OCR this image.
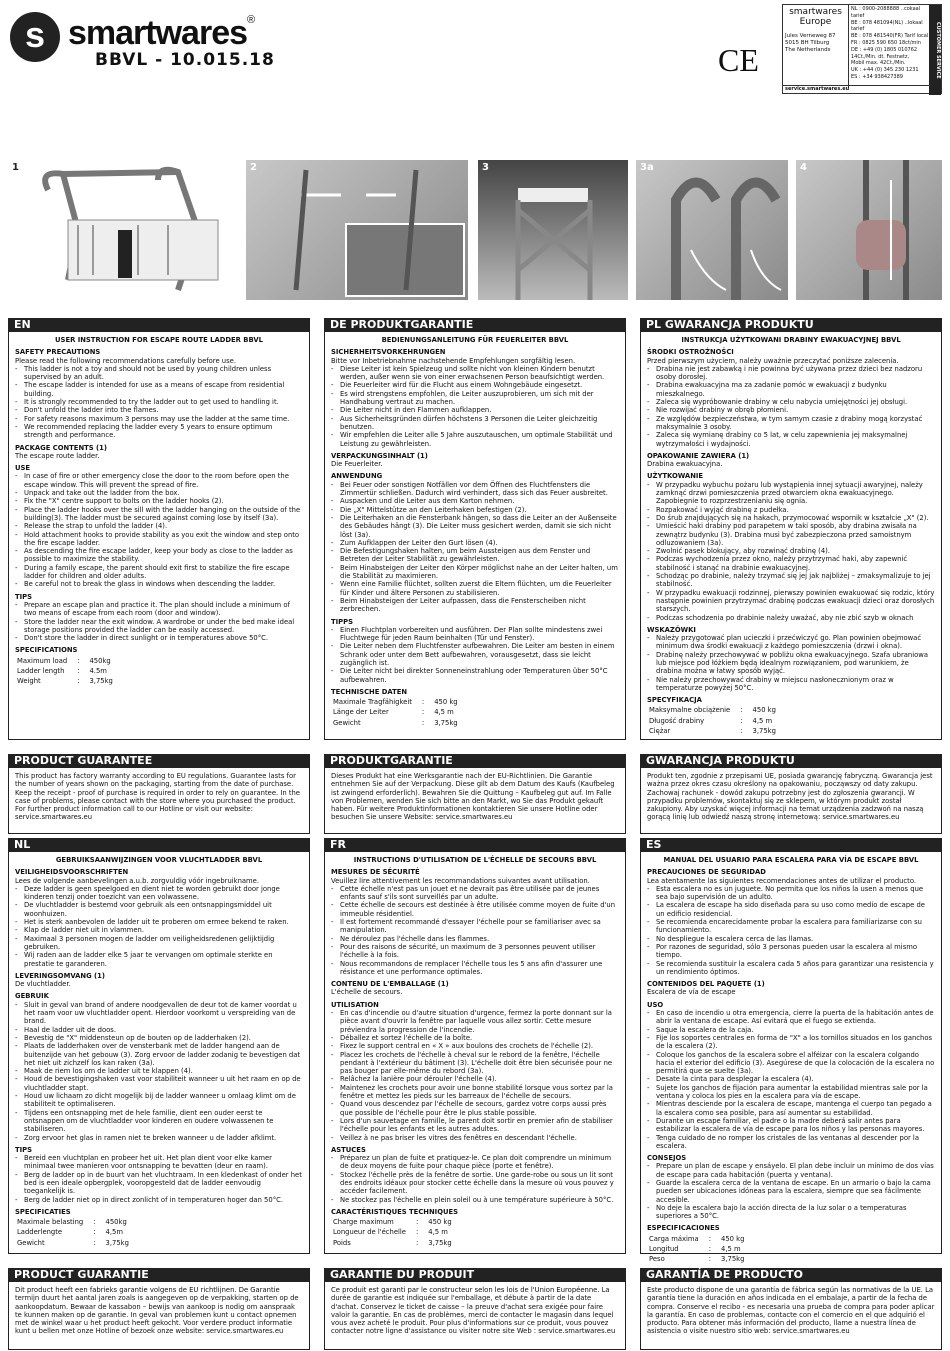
s smartwares®
BBVL - 10.015.18	CE
smartwares
Europe
Jules Verneweg 87
5015 BH Tilburg
The Netherlands
NL : 0900-2088888 ..cokaal tarief
BE : 078 481094(NL) ..lokaal tarief
BE : 078 481540(FR) Tarif local
FR : 0825 590 650 18ct/min
DE : +49 (0) 1805 010762
14Ct./Min. dt. Festnetz,
Mobil max. 42Ct./Min.
UK : +44 (0) 345 230 1231
ES : +34 938427389	CUSTOMER SERVICE
service.smartwares.eu
1	2	3	3a	4
EN
USER INSTRUCTION FOR ESCAPE ROUTE LADDER BBVL
SAFETY PRECAUTIONS
Please read the following recommendations carefully before use.
- This ladder is not a toy and should not be used by young children unless supervised by an adult.
- The escape ladder is intended for use as a means of escape from residential building.
- It is strongly recommended to try the ladder out to get used to handling it.
- Don't unfold the ladder into the flames.
- For safety reasons maximum 3 persons may use the ladder at the same time.
- We recommended replacing the ladder every 5 years to ensure optimum strength and performance.
PACKAGE CONTENTS (1)
The escape route ladder.
USE
- In case of fire or other emergency close the door to the room before open the escape window. This will prevent the spread of fire.
- Unpack and take out the ladder from the box.
- Fix the "X" centre support to bolts on the ladder hooks (2).
- Place the ladder hooks over the sill with the ladder hanging on the outside of the building(3). The ladder must be secured against coming lose by itself (3a).
- Release the strap to unfold the ladder (4).
- Hold attachment hooks to provide stability as you exit the window and step onto the fire escape ladder.
- As descending the fire escape ladder, keep your body as close to the ladder as possible to maximize the stability.
- During a family escape, the parent should exit first to stabilize the fire escape ladder for children and older adults.
- Be careful not to break the glass in windows when descending the ladder.
TIPS
- Prepare an escape plan and practice it. The plan should include a minimum of two means of escape from each room (door and window).
- Store the ladder near the exit window. A wardrobe or under the bed make ideal storage positions provided the ladder can be easily accessed.
- Don't store the ladder in direct sunlight or in temperatures above 50°C.
SPECIFICATIONS
Maximum load	:	450kg
Ladder length	:	4.5m
Weight	:	3,75kg
PRODUCT GUARANTEE
This product has factory warranty according to EU regulations. Guarantee lasts for the number of years shown on the packaging, starting from the date of purchase. Keep the receipt - proof of purchase is required in order to rely on guarantee. In the case of problems, please contact with the store where you purchased the product. For further product information call to our Hotline or visit our website: service.smartwares.eu
DE PRODUKTGARANTIE
BEDIENUNGSANLEITUNG FÜR FEUERLEITER BBVL
SICHERHEITSVORKEHRUNGEN
Bitte vor Inbetriebnahme nachstehende Empfehlungen sorgfältig lesen.
- Diese Leiter ist kein Spielzeug und sollte nicht von kleinen Kindern benutzt werden, außer wenn sie von einer erwachsenen Person beaufsichtigt werden.
- Die Feuerleiter wird für die Flucht aus einem Wohngebäude eingesetzt.
- Es wird strengstens empfohlen, die Leiter auszuprobieren, um sich mit der Handhabung vertraut zu machen.
- Die Leiter nicht in den Flammen aufklappen.
- Aus Sicherheitsgründen dürfen höchstens 3 Personen die Leiter gleichzeitig benutzen.
- Wir empfehlen die Leiter alle 5 Jahre auszutauschen, um optimale Stabilität und Leistung zu gewährleisten.
VERPACKUNGSINHALT (1)
Die Feuerleiter.
ANWENDUNG
- Bei Feuer oder sonstigen Notfällen vor dem Öffnen des Fluchtfensters die Zimmertür schließen. Dadurch wird verhindert, dass sich das Feuer ausbreitet.
- Auspacken und die Leiter aus dem Karton nehmen.
- Die „X" Mittelstütze an den Leiterhaken befestigen (2).
- Die Leiterhaken an die Fensterbank hängen, so dass die Leiter an der Außenseite des Gebäudes hängt (3). Die Leiter muss gesichert werden, damit sie sich nicht löst (3a).
- Zum Aufklappen der Leiter den Gurt lösen (4).
- Die Befestigungshaken halten, um beim Aussteigen aus dem Fenster und Betreten der Leiter Stabilität zu gewährleisten.
- Beim Hinabsteigen der Leiter den Körper möglichst nahe an der Leiter halten, um die Stabilität zu maximieren.
- Wenn eine Familie flüchtet, sollten zuerst die Eltern flüchten, um die Feuerleiter für Kinder und ältere Personen zu stabilisieren.
- Beim Hinabsteigen der Leiter aufpassen, dass die Fensterscheiben nicht zerbrechen.
TIPPS
- Einen Fluchtplan vorbereiten und ausführen. Der Plan sollte mindestens zwei Fluchtwege für jeden Raum beinhalten (Tür und Fenster).
- Die Leiter neben dem Fluchtfenster aufbewahren. Die Leiter am besten in einem Schrank oder unter dem Bett aufbewahren, vorausgesetzt, dass sie leicht zugänglich ist.
- Die Leiter nicht bei direkter Sonneneinstrahlung oder Temperaturen über 50°C aufbewahren.
TECHNISCHE DATEN
Maximale Tragfähigkeit	:	450 kg
Länge der Leiter	:	4,5 m
Gewicht	:	3,75kg
PRODUKTGARANTIE
Dieses Produkt hat eine Werksgarantie nach der EU-Richtlinien. Die Garantie entnehmen Sie auf der Verpackung. Diese gilt ab dem Datum des Kaufs (Kaufbeleg ist zwingend erforderlich). Bewahren Sie die Quittung – Kaufbeleg gut auf. Im Falle von Problemen, wenden Sie sich bitte an den Markt, wo Sie das Produkt gekauft haben. Für weitere Produktinformationen kontaktieren Sie unsere Hotline oder besuchen Sie unsere Website: service.smartwares.eu
PL GWARANCJA PRODUKTU
INSTRUKCJA UŻYTKOWANI DRABINY EWAKUACYJNEJ BBVL
ŚRODKI OSTROŻNOŚCI
Przed pierwszym użyciem, należy uważnie przeczytać poniższe zalecenia.
- Drabina nie jest zabawką i nie powinna być używana przez dzieci bez nadzoru osoby dorosłej.
- Drabina ewakuacyjna ma za zadanie pomóc w ewakuacji z budynku mieszkalnego.
- Zaleca się wypróbowanie drabiny w celu nabycia umiejętności jej obsługi.
- Nie rozwijać drabiny w obręb płomieni.
- Ze względów bezpieczeństwa, w tym samym czasie z drabiny mogą korzystać maksymalnie 3 osoby.
- Zaleca się wymianę drabiny co 5 lat, w celu zapewnienia jej maksymalnej wytrzymałości i wydajności.
OPAKOWANIE ZAWIERA (1)
Drabina ewakuacyjna.
UŻYTKOWANIE
- W przypadku wybuchu pożaru lub wystąpienia innej sytuacji awaryjnej, należy zamknąć drzwi pomieszczenia przed otwarciem okna ewakuacyjnego. Zapobiegnie to rozprzestrzenianiu się ognia.
- Rozpakować i wyjąć drabinę z pudełka.
- Do śrub znajdujących się na hakach, przymocować wspornik w kształcie „X" (2).
- Umieścić haki drabiny pod parapetem w taki sposób, aby drabina zwisała na zewnątrz budynku (3). Drabina musi być zabezpieczona przed samoistnym odluzowaniem (3a).
- Zwolnić pasek blokujący, aby rozwinąć drabinę (4).
- Podczas wychodzenia przez okno, należy przytrzymać haki, aby zapewnić stabilność i stanąć na drabinie ewakuacyjnej.
- Schodząc po drabinie, należy trzymać się jej jak najbliżej – zmaksymalizuje to jej stabilność.
- W przypadku ewakuacji rodzinnej, pierwszy powinien ewakuować się rodzic, który następnie powinien przytrzymać drabinę podczas ewakuacji dzieci oraz dorosłych starszych.
- Podczas schodzenia po drabinie należy uważać, aby nie zbić szyb w oknach
WSKAZÓWKI
- Należy przygotować plan ucieczki i przećwiczyć go. Plan powinien obejmować minimum dwa środki ewakuacji z każdego pomieszczenia (drzwi i okna).
- Drabinę należy przechowywać w pobliżu okna ewakuacyjnego. Szafa ubraniowa lub miejsce pod łóżkiem będą idealnym rozwiązaniem, pod warunkiem, że drabina można w łatwy sposób wyjąć.
- Nie należy przechowywać drabiny w miejscu nasłonecznionym oraz w temperaturze powyżej 50°C.
SPECYFIKACJA
Maksymalne obciążenie	:	450 kg
Długość drabiny	:	4,5 m
Ciężar	:	3,75kg
GWARANCJA PRODUKTU
Produkt ten, zgodnie z przepisami UE, posiada gwarancję fabryczną. Gwarancja jest ważna przez okres czasu określony na opakowaniu, począwszy od daty zakupu. Zachowaj rachunek - dowód zakupu potrzebny jest do zgłoszenia gwarancji. W przypadku problemów, skontaktuj się ze sklepem, w którym produkt został zakupiony. Aby uzyskać więcej informacji na temat urządzenia zadzwoń na naszą gorącą linię lub odwiedź naszą stronę internetową: service.smartwares.eu
NL
GEBRUIKSAANWIJZINGEN VOOR VLUCHTLADDER BBVL
VEILIGHEIDSVOORSCHRIFTEN
Lees de volgende aanbevelingen a.u.b. zorgvuldig vóór ingebruikname.
- Deze ladder is geen speelgoed en dient niet te worden gebruikt door jonge kinderen tenzij onder toezicht van een volwassene.
- De vluchtladder is bestemd voor gebruik als een ontsnappingsmiddel uit woonhuizen.
- Het is sterk aanbevolen de ladder uit te proberen om ermee bekend te raken.
- Klap de ladder niet uit in vlammen.
- Maximaal 3 personen mogen de ladder om veiligheidsredenen gelijktijdig gebruiken.
- Wij raden aan de ladder elke 5 jaar te vervangen om optimale sterkte en prestatie te garanderen.
LEVERINGSOMVANG (1)
De vluchtladder.
GEBRUIK
- Sluit in geval van brand of andere noodgevallen de deur tot de kamer voordat u het raam voor uw vluchtladder opent. Hierdoor voorkomt u verspreiding van de brand.
- Haal de ladder uit de doos.
- Bevestig de "X" middensteun op de bouten op de ladderhaken (2).
- Plaats de ladderhaken over de vensterbank met de ladder hangend aan de buitenzijde van het gebouw (3). Zorg ervoor de ladder zodanig te bevestigen dat het niet uit zichzelf los kan raken (3a).
- Maak de riem los om de ladder uit te klappen (4).
- Houd de bevestigingshaken vast voor stabiliteit wanneer u uit het raam en op de vluchtladder stapt.
- Houd uw lichaam zo dicht mogelijk bij de ladder wanneer u omlaag klimt om de stabiliteit te optimaliseren.
- Tijdens een ontsnapping met de hele familie, dient een ouder eerst te ontsnappen om de vluchtladder voor kinderen en oudere volwassenen te stabiliseren.
- Zorg ervoor het glas in ramen niet te breken wanneer u de ladder afklimt.
TIPS
- Bereid een vluchtplan en probeer het uit. Het plan dient voor elke kamer minimaal twee manieren voor ontsnapping te bevatten (deur en raam).
- Berg de ladder op in de buurt van het vluchtraam. In een kledenkast of onder het bed is een ideale opbergplek, vooropgesteld dat de ladder eenvoudig toegankelijk is.
- Berg de ladder niet op in direct zonlicht of in temperaturen hoger dan 50°C.
SPECIFICATIES
Maximale belasting	:	450kg
Ladderlengte	:	4,5m
Gewicht	:	3,75kg
PRODUCT GUARANTIE
Dit product heeft een fabrieks garantie volgens de EU richtlijnen. De Garantie termijn duurt het aantal jaren zoals is aangegeven op de verpakking, starten op de aankoopdatum. Bewaar de kassabon – bewijs van aankoop is nodig om aanspraak te kunnen maken op de garantie. In geval van problemen kunt u contact opnemen met de winkel waar u het product heeft gekocht. Voor verdere product informatie kunt u bellen met onze Hotline of bezoek onze website: service.smartwares.eu
FR
INSTRUCTIONS D'UTILISATION DE L'ÉCHELLE DE SECOURS BBVL
MESURES DE SÉCURITÉ
Veuillez lire attentivement les recommandations suivantes avant utilisation.
- Cette échelle n'est pas un jouet et ne devrait pas être utilisée par de jeunes enfants sauf s'ils sont surveillés par un adulte.
- Cette échelle de secours est destinée à être utilisée comme moyen de fuite d'un immeuble résidentiel.
- Il est fortement recommandé d'essayer l'échelle pour se familiariser avec sa manipulation.
- Ne déroulez pas l'échelle dans les flammes.
- Pour des raisons de sécurité, un maximum de 3 personnes peuvent utiliser l'échelle à la fois.
- Nous recommandons de remplacer l'échelle tous les 5 ans afin d'assurer une résistance et une performance optimales.
CONTENU DE L'EMBALLAGE (1)
L'échelle de secours.
UTILISATION
- En cas d'incendie ou d'autre situation d'urgence, fermez la porte donnant sur la pièce avant d'ouvrir la fenêtre par laquelle vous allez sortir. Cette mesure préviendra la progression de l'incendie.
- Déballez et sortez l'échelle de la boîte.
- Fixez le support central en « X » aux boulons des crochets de l'échelle (2).
- Placez les crochets de l'échelle à cheval sur le rebord de la fenêtre, l'échelle pendant à l'extérieur du bâtiment (3). L'échelle doit être bien sécurisée pour ne pas bouger par elle-même du rebord (3a).
- Relâchez la lanière pour dérouler l'échelle (4).
- Maintenez les crochets pour avoir une bonne stabilité lorsque vous sortez par la fenêtre et mettez les pieds sur les barreaux de l'échelle de secours.
- Quand vous descendez par l'échelle de secours, gardez votre corps aussi près que possible de l'échelle pour être le plus stable possible.
- Lors d'un sauvetage en famille, le parent doit sortir en premier afin de stabiliser l'échelle pour les enfants et les autres adultes.
- Veillez à ne pas briser les vitres des fenêtres en descendant l'échelle.
ASTUCES
- Préparez un plan de fuite et pratiquez-le. Ce plan doit comprendre un minimum de deux moyens de fuite pour chaque pièce (porte et fenêtre).
- Stockez l'échelle près de la fenêtre de sortie. Une garde-robe ou sous un lit sont des endroits idéaux pour stocker cette échelle dans la mesure où vous pouvez y accéder facilement.
- Ne stockez pas l'échelle en plein soleil ou à une température supérieure à 50°C.
CARACTÉRISTIQUES TECHNIQUES
Charge maximum	:	450 kg
Longueur de l'échelle	:	4,5 m
Poids	:	3,75kg
GARANTIE DU PRODUIT
Ce produit est garanti par le constructeur selon les lois de l'Union Européenne. La durée de garantie est indiquée sur l'emballage, et débute à partir de la date d'achat. Conservez le ticket de caisse – la preuve d'achat sera exigée pour faire valoir la garantie. En cas de problèmes, merci de contacter le magasin dans lequel vous avez acheté le produit. Pour plus d'informations sur ce produit, vous pouvez contacter notre ligne d'assistance ou visiter notre site Web : service.smartwares.eu
ES
MANUAL DEL USUARIO PARA ESCALERA PARA VÍA DE ESCAPE BBVL
PRECAUCIONES DE SEGURIDAD
Lea atentamente las siguientes recomendaciones antes de utilizar el producto.
- Esta escalera no es un juguete. No permita que los niños la usen a menos que sea bajo supervisión de un adulto.
- La escalera de escape ha sido diseñada para su uso como medio de escape de un edificio residencial.
- Se recomienda encarecidamente probar la escalera para familiarizarse con su funcionamiento.
- No despliegue la escalera cerca de las llamas.
- Por razones de seguridad, sólo 3 personas pueden usar la escalera al mismo tiempo.
- Se recomienda sustituir la escalera cada 5 años para garantizar una resistencia y un rendimiento óptimos.
CONTENIDOS DEL PAQUETE (1)
Escalera de vía de escape
USO
- En caso de incendio u otra emergencia, cierre la puerta de la habitación antes de abrir la ventana de escape. Así evitará que el fuego se extienda.
- Saque la escalera de la caja.
- Fije los soportes centrales en forma de "X" a los tornillos situados en los ganchos de la escalera (2).
- Coloque los ganchos de la escalera sobre el alféizar con la escalera colgando hacia el exterior del edificio (3). Asegúrese de que la colocación de la escalera no permitirá que se suelte (3a).
- Desate la cinta para desplegar la escalera (4).
- Sujete los ganchos de fijación para aumentar la estabilidad mientras sale por la ventana y coloca los pies en la escalera para vía de escape.
- Mientras desciende por la escalera de escape, mantenga el cuerpo tan pegado a la escalera como sea posible, para así aumentar su estabilidad.
- Durante un escape familiar, el padre o la madre deberá salir antes para estabilizar la escalera de vía de escape para los niños y las personas mayores.
- Tenga cuidado de no romper los cristales de las ventanas al descender por la escalera.
CONSEJOS
- Prepare un plan de escape y ensáyelo. El plan debe incluir un mínimo de dos vías de escape para cada habitación (puerta y ventana).
- Guarde la escalera cerca de la ventana de escape. En un armario o bajo la cama pueden ser ubicaciones idóneas para la escalera, siempre que sea fácilmente accesible.
- No deje la escalera bajo la acción directa de la luz solar o a temperaturas superiores a 50°C.
ESPECIFICACIONES
Carga máxima	:	450 kg
Longitud	:	4,5 m
Peso	:	3,75kg
GARANTÍA DE PRODUCTO
Este producto dispone de una garantía de fábrica según las normativas de la UE. La garantía tiene la duración en años indicada en el embalaje, a partir de la fecha de compra. Conserve el recibo - es necesaria una prueba de compra para poder aplicar la garantía. En caso de problemas, contacte con el comercio en el que adquirió el producto. Para obtener más información del producto, llame a nuestra línea de asistencia o visite nuestro sitio web: service.smartwares.eu
